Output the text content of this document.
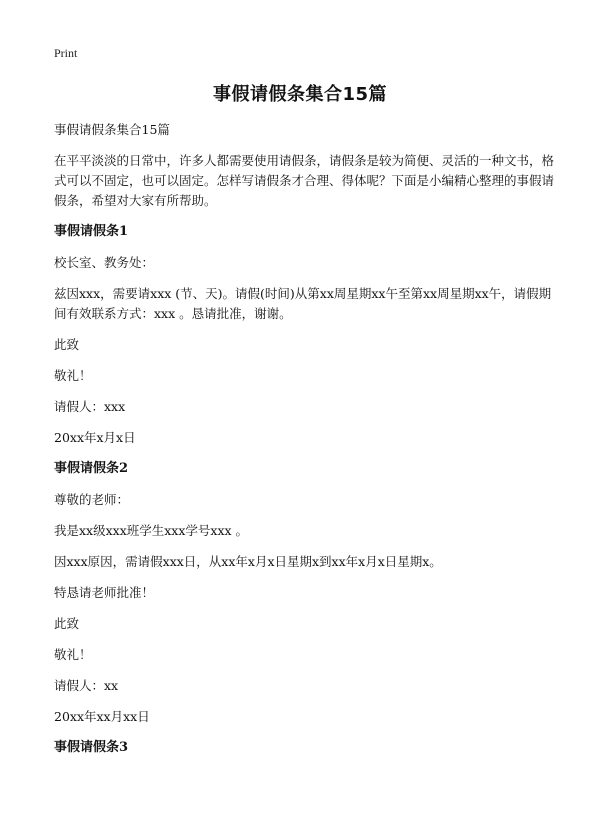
Print
事假请假条集合15篇

事假请假条集合15篇

在平平淡淡的日常中，许多人都需要使用请假条，请假条是较为简便、灵活的一种文书，格式可以不固定，也可以固定。怎样写请假条才合理、得体呢？下面是小编精心整理的事假请假条，希望对大家有所帮助。

事假请假条1

校长室、教务处：

兹因xxx，需要请xxx (节、天)。请假(时间)从第xx周星期xx午至第xx周星期xx午，请假期间有效联系方式：xxx 。恳请批准，谢谢。

此致

敬礼！

请假人：xxx

20xx年x月x日

事假请假条2

尊敬的老师：

我是xx级xxx班学生xxx学号xxx 。

因xxx原因，需请假xxx日，从xx年x月x日星期x到xx年x月x日星期x。

特恳请老师批准！

此致

敬礼！

请假人：xx

20xx年xx月xx日

事假请假条3
